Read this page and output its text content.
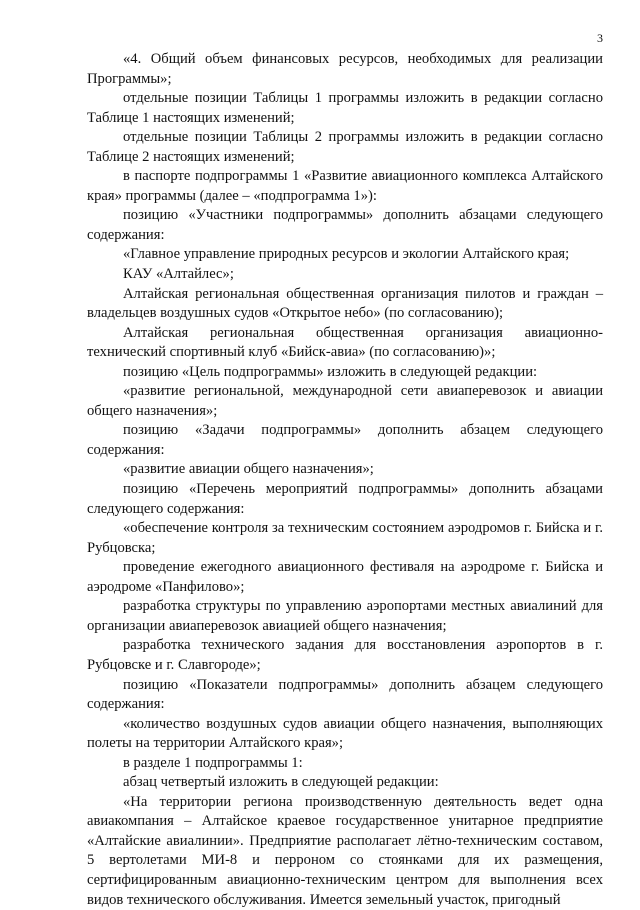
3

«4. Общий объем финансовых ресурсов, необходимых для реализации Программы»;

отдельные позиции Таблицы 1 программы изложить в редакции согласно Таблице 1 настоящих изменений;

отдельные позиции Таблицы 2 программы изложить в редакции согласно Таблице 2 настоящих изменений;

в паспорте подпрограммы 1 «Развитие авиационного комплекса Алтайского края» программы (далее – «подпрограмма 1»):

позицию «Участники подпрограммы» дополнить абзацами следующего содержания:

«Главное управление природных ресурсов и экологии Алтайского края;

КАУ «Алтайлес»;

Алтайская региональная общественная организация пилотов и граждан – владельцев воздушных судов «Открытое небо» (по согласованию);

Алтайская региональная общественная организация авиационно-технический спортивный клуб «Бийск-авиа» (по согласованию)»;

позицию «Цель подпрограммы» изложить в следующей редакции:

«развитие региональной, международной сети авиаперевозок и авиации общего назначения»;

позицию «Задачи подпрограммы» дополнить абзацем следующего содержания:

«развитие авиации общего назначения»;

позицию «Перечень мероприятий подпрограммы» дополнить абзацами следующего содержания:

«обеспечение контроля за техническим состоянием аэродромов г. Бийска и г. Рубцовска;

проведение ежегодного авиационного фестиваля на аэродроме г. Бийска и аэродроме «Панфилово»;

разработка структуры по управлению аэропортами местных авиалиний для организации авиаперевозок авиацией общего назначения;

разработка технического задания для восстановления аэропортов в г. Рубцовске и г. Славгороде»;

позицию «Показатели подпрограммы» дополнить абзацем следующего содержания:

«количество воздушных судов авиации общего назначения, выполняющих полеты на территории Алтайского края»;

в разделе 1 подпрограммы 1:

абзац четвертый изложить в следующей редакции:

«На территории региона производственную деятельность ведет одна авиакомпания – Алтайское краевое государственное унитарное предприятие «Алтайские авиалинии». Предприятие располагает лётно-техническим составом, 5 вертолетами МИ-8 и перроном со стоянками для их размещения, сертифицированным авиационно-техническим центром для выполнения всех видов технического обслуживания. Имеется земельный участок, пригодный
